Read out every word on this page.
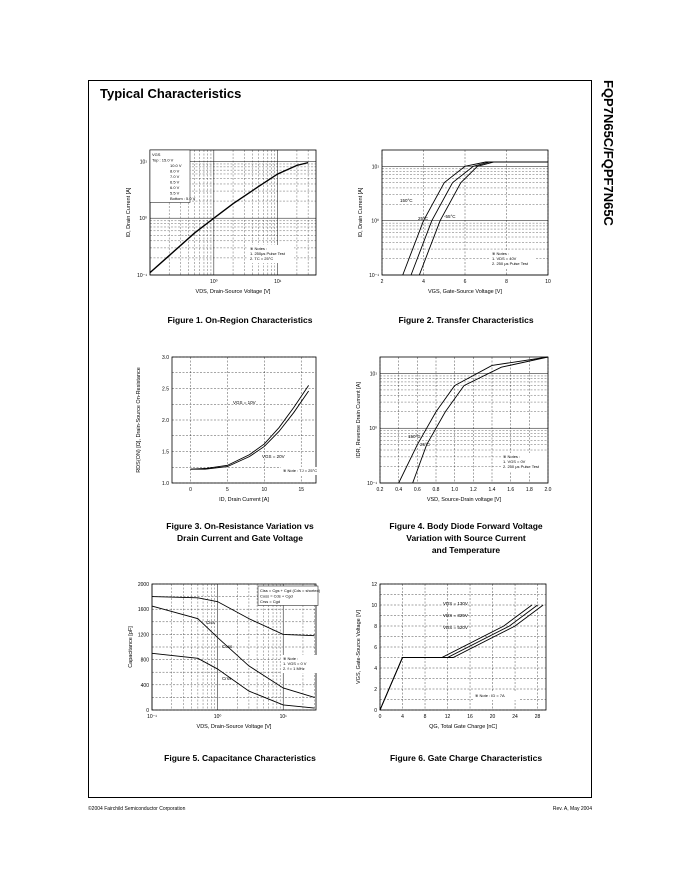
Typical Characteristics	FQP7N65C/FQPF7N65C
©2004 Fairchild Semiconductor Corporation	Rev. A, May 2004
10⁰	10¹
10⁻¹
10⁰
10¹
VDS, Drain-Source Voltage [V]
ID, Drain Current [A]
VGS
Top : 15.0 V
10.0 V
8.0 V
7.0 V
6.5 V
6.0 V
5.5 V
Bottom : 5.0 V
※ Notes :
1. 250μs Pulse Test
2. TC = 25°C
Figure 1. On-Region Characteristics
2	4	6	8	10
10⁻¹
10⁰
10¹
VGS, Gate-Source Voltage [V]
ID, Drain Current [A]
※ Notes :
1. VDS = 40V
2. 250 μs Pulse Test
150°C
25°C	-55°C
Figure 2. Transfer Characteristics
0	5	10	15
1.0
1.5
2.0
2.5
3.0
ID, Drain Current [A]
RDS(ON) [Ω], Drain-Source On-Resistance	※ Note : TJ = 25°C
VGS = 10V
VGS = 20V
Figure 3. On-Resistance Variation vs
Drain Current and Gate Voltage
0.2 0.4 0.6 0.8 1.0 1.2 1.4 1.6 1.8 2.0
10⁻¹
10⁰
10¹
VSD, Source-Drain voltage [V]
IDR, Reverse Drain Current [A]	※ Notes :
1. VGS = 0V
2. 250 μs Pulse Test
150°C
25°C
Figure 4. Body Diode Forward Voltage
Variation with Source Current
and Temperature
10⁻¹	10⁰	10¹
0
400
800
1200
1600
2000
VDS, Drain-Source Voltage [V]
Capacitance [pF]
Ciss = Cgs + Cgd (Cds = shorted)
Coss = Cds + Cgd
Crss = Cgd
※ Note :
1. VGS = 0 V
2. f = 1 MHz
Ciss
Coss
Crss
Figure 5. Capacitance Characteristics
0	4	8	12	16	20	24	28
0
2
4
6
8
10
12
QG, Total Gate Charge [nC]
VGS, Gate-Source Voltage [V]
※ Note : ID = 7A
VDS = 130V
VDS = 325V
VDS = 520V
Figure 6. Gate Charge Characteristics
